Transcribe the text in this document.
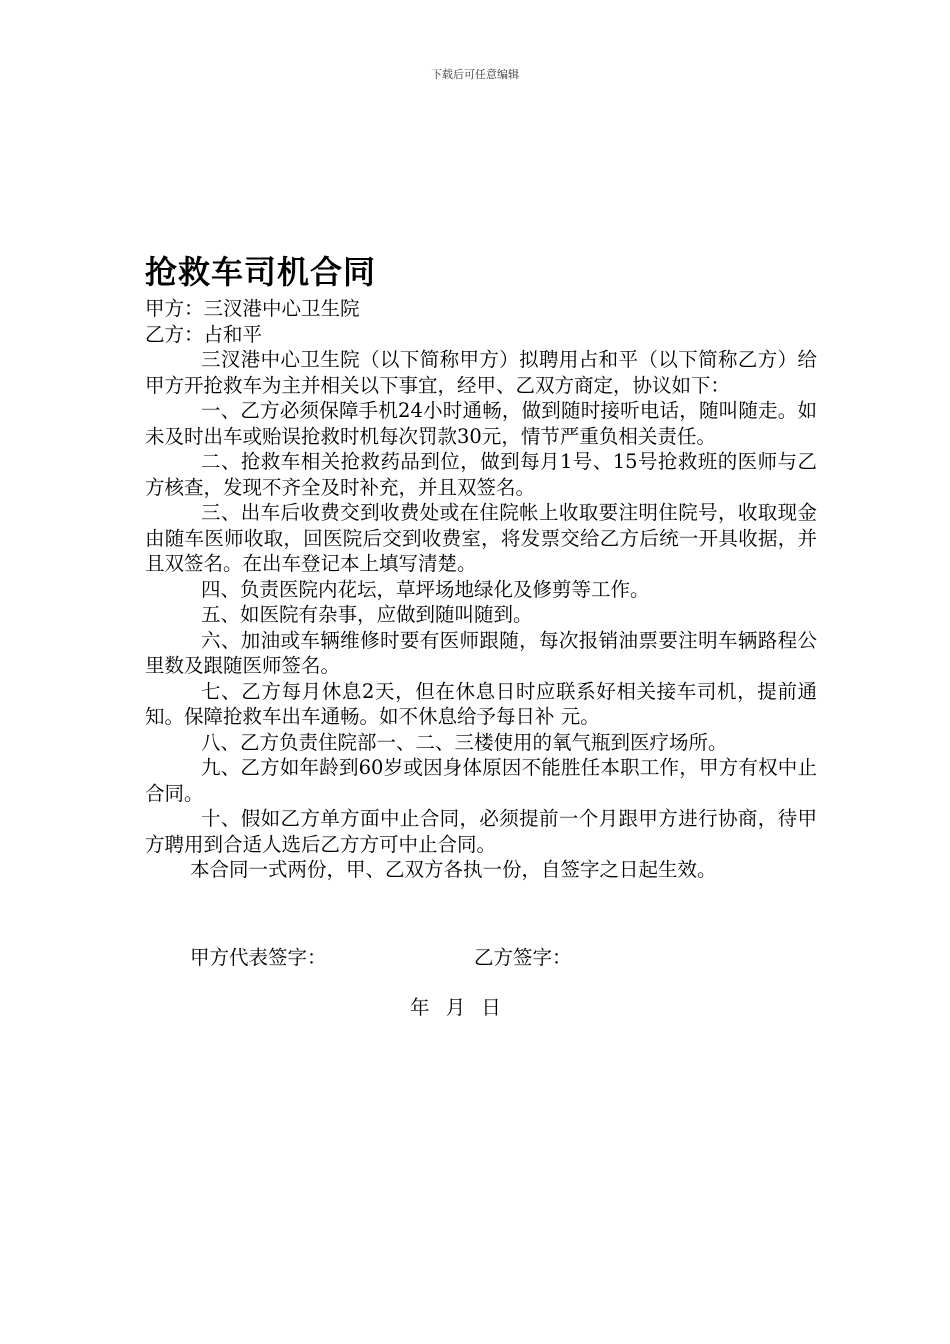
下载后可任意编辑
抢救车司机合同

甲方：三汊港中心卫生院

乙方：占和平

三汊港中心卫生院（以下简称甲方）拟聘用占和平（以下简称乙方）给甲方开抢救车为主并相关以下事宜，经甲、乙双方商定，协议如下：

一、乙方必须保障手机24小时通畅，做到随时接听电话，随叫随走。如未及时出车或贻误抢救时机每次罚款30元，情节严重负相关责任。

二、抢救车相关抢救药品到位，做到每月1号、15号抢救班的医师与乙方核查，发现不齐全及时补充，并且双签名。

三、出车后收费交到收费处或在住院帐上收取要注明住院号，收取现金由随车医师收取，回医院后交到收费室，将发票交给乙方后统一开具收据，并且双签名。在出车登记本上填写清楚。

四、负责医院内花坛，草坪场地绿化及修剪等工作。

五、如医院有杂事，应做到随叫随到。

六、加油或车辆维修时要有医师跟随，每次报销油票要注明车辆路程公里数及跟随医师签名。

七、乙方每月休息2天，但在休息日时应联系好相关接车司机，提前通知。保障抢救车出车通畅。如不休息给予每日补 元。

八、乙方负责住院部一、二、三楼使用的氧气瓶到医疗场所。

九、乙方如年龄到60岁或因身体原因不能胜任本职工作，甲方有权中止合同。

十、假如乙方单方面中止合同，必须提前一个月跟甲方进行协商，待甲方聘用到合适人选后乙方方可中止合同。

本合同一式两份，甲、乙双方各执一份，自签字之日起生效。

甲方代表签字：	乙方签字：
年 月 日
